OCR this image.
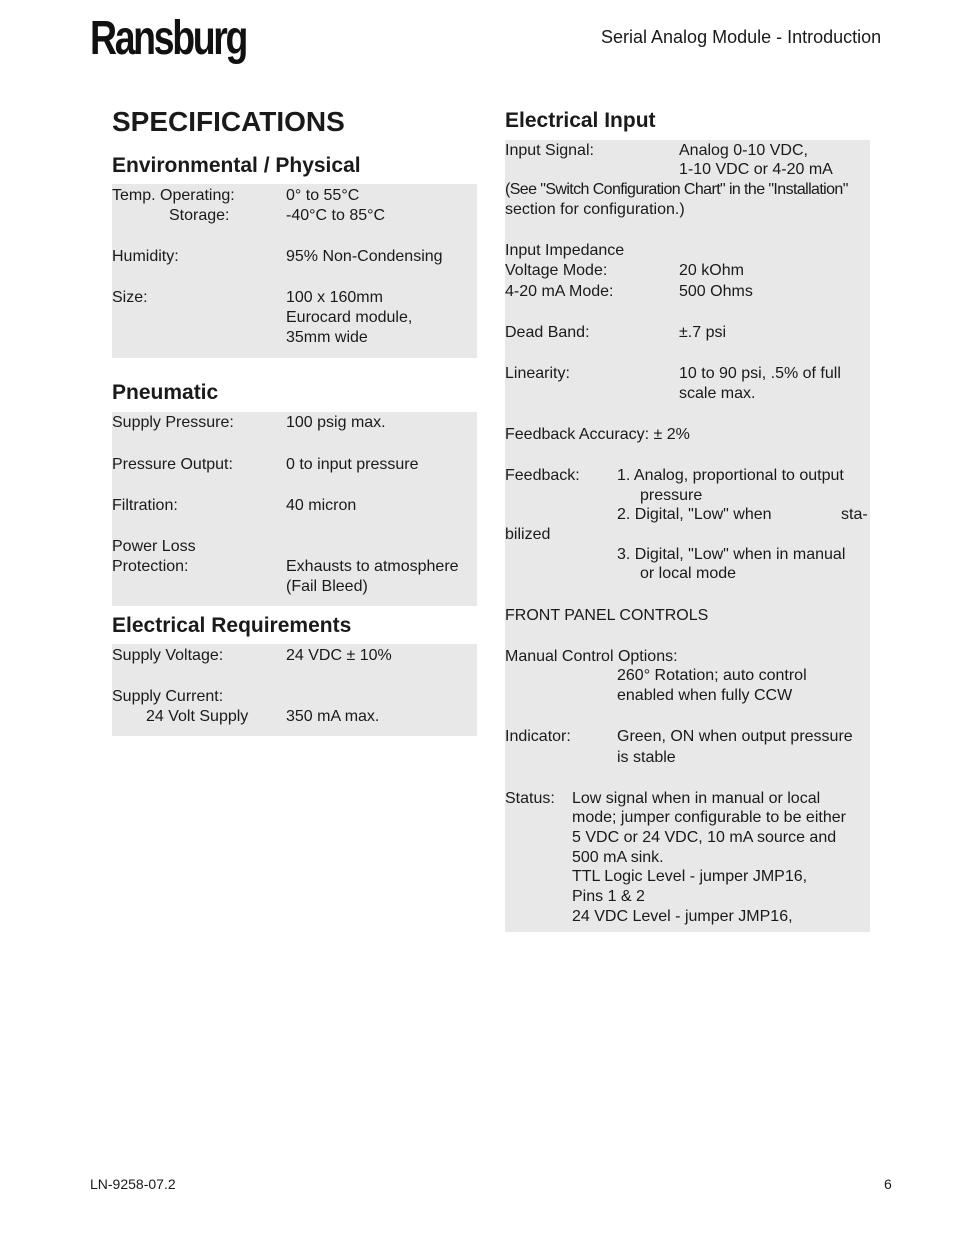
Ransburg	Serial Analog Module - Introduction
SPECIFICATIONS
Environmental / Physical
Temp. Operating:	0° to 55°C
Storage:	-40°C to 85°C
Humidity:	95% Non-Condensing
Size:	100 x 160mm
Eurocard module,
35mm wide
Pneumatic
Supply Pressure:	100 psig max.
Pressure Output:	0 to input pressure
Filtration:	40 micron
Power Loss
Protection:	Exhausts to atmosphere
(Fail Bleed)
Electrical Requirements
Supply Voltage:	24 VDC ± 10%
Supply Current:
24 Volt Supply 350 mA max.
Electrical Input
Input Signal:	Analog 0-10 VDC,
1-10 VDC or 4-20 mA
(See "Switch Configuration Chart" in the "Installation"
section for configuration.)
Input Impedance
Voltage Mode:	20 kOhm
4-20 mA Mode:	500 Ohms
Dead Band:	±.7 psi
Linearity:	10 to 90 psi, .5% of full
scale max.
Feedback Accuracy: ± 2%
Feedback: 1. Analog, proportional to output
pressure
2. Digital, "Low" when	sta-
bilized
3. Digital, "Low" when in manual
or local mode
FRONT PANEL CONTROLS
Manual Control Options:
260° Rotation; auto control
enabled when fully CCW
Indicator:	Green, ON when output pressure
is stable
Status: Low signal when in manual or local
mode; jumper configurable to be either
5 VDC or 24 VDC, 10 mA source and
500 mA sink.
TTL Logic Level - jumper JMP16,
Pins 1 & 2
24 VDC Level - jumper JMP16,
LN-9258-07.2	6
